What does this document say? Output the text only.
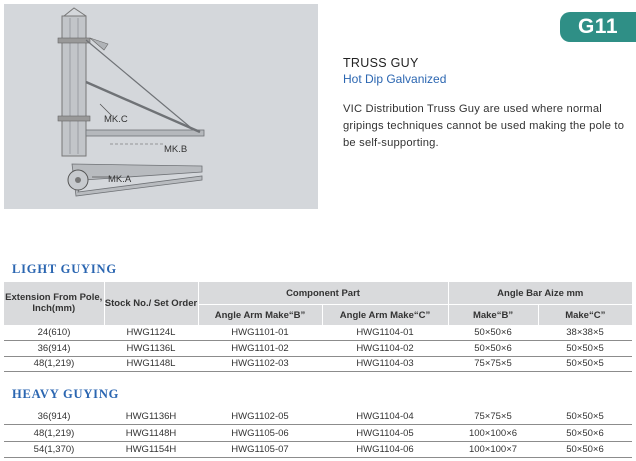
MK.C
MK.B
MK.A
G11
TRUSS GUY
Hot Dip Galvanized
VIC Distribution Truss Guy are used where normal gripings techniques cannot be used making the pole to be self-supporting.
LIGHT GUYING
Extension From Pole, Inch(mm)	Stock No./ Set Order	Component Part		Angle Bar Aize mm	
		Angle Arm Make“B”	Angle Arm Make“C”	Make“B”	Make“C”
24(610)	HWG1124L	HWG1101-01	HWG1104-01	50×50×6	38×38×5
36(914)	HWG1136L	HWG1101-02	HWG1104-02	50×50×6	50×50×5
48(1,219)	HWG1148L	HWG1102-03	HWG1104-03	75×75×5	50×50×5
HEAVY GUYING
36(914)	HWG1136H	HWG1102-05	HWG1104-04	75×75×5	50×50×5
48(1,219)	HWG1148H	HWG1105-06	HWG1104-05	100×100×6	50×50×6
54(1,370)	HWG1154H	HWG1105-07	HWG1104-06	100×100×7	50×50×6
